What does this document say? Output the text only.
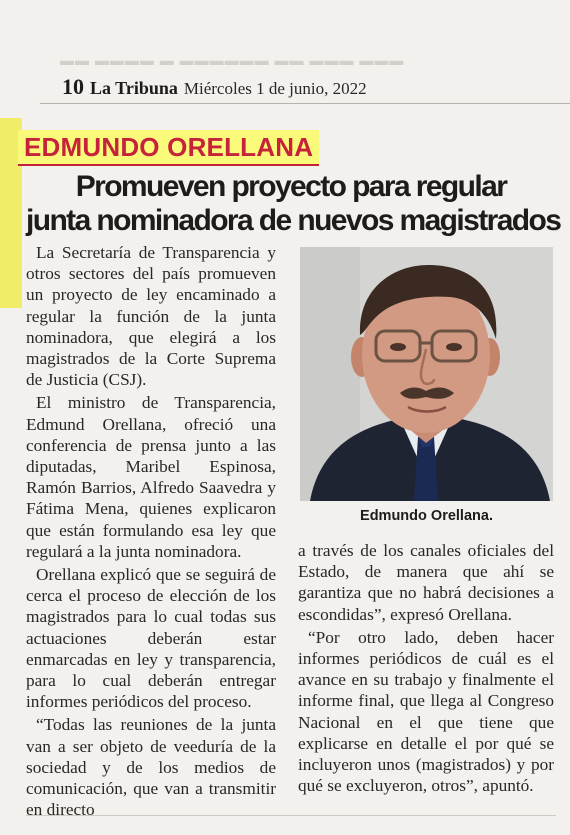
▬▬ ▬▬▬▬ ▬ ▬▬▬▬▬▬ ▬▬ ▬▬▬ ▬▬▬
10 La Tribuna Miércoles 1 de junio, 2022
EDMUNDO ORELLANA
Promueven proyecto para regular
junta nominadora de nuevos magistrados

La Secretaría de Transparencia y otros sectores del país promueven un proyecto de ley encaminado a regular la función de la junta nominadora, que elegirá a los magistrados de la Corte Suprema de Justicia (CSJ).

El ministro de Transparencia, Edmund Orellana, ofreció una conferencia de prensa junto a las diputadas, Maribel Espinosa, Ramón Barrios, Alfredo Saavedra y Fátima Mena, quienes explicaron que están formulando esa ley que regulará a la junta nominadora.

Orellana explicó que se seguirá de cerca el proceso de elección de los magistrados para lo cual todas sus actuaciones deberán estar enmarcadas en ley y transparencia, para lo cual deberán entregar informes periódicos del proceso.

“Todas las reuniones de la junta van a ser objeto de veeduría de la sociedad y de los medios de comunicación, que van a transmitir en directo

Edmundo Orellana.

a través de los canales oficiales del Estado, de manera que ahí se garantiza que no habrá decisiones a escondidas”, expresó Orellana.

“Por otro lado, deben hacer informes periódicos de cuál es el avance en su trabajo y finalmente el informe final, que llega al Congreso Nacional en el que tiene que explicarse en detalle el por qué se incluyeron unos (magistrados) y por qué se excluyeron, otros”, apuntó.
